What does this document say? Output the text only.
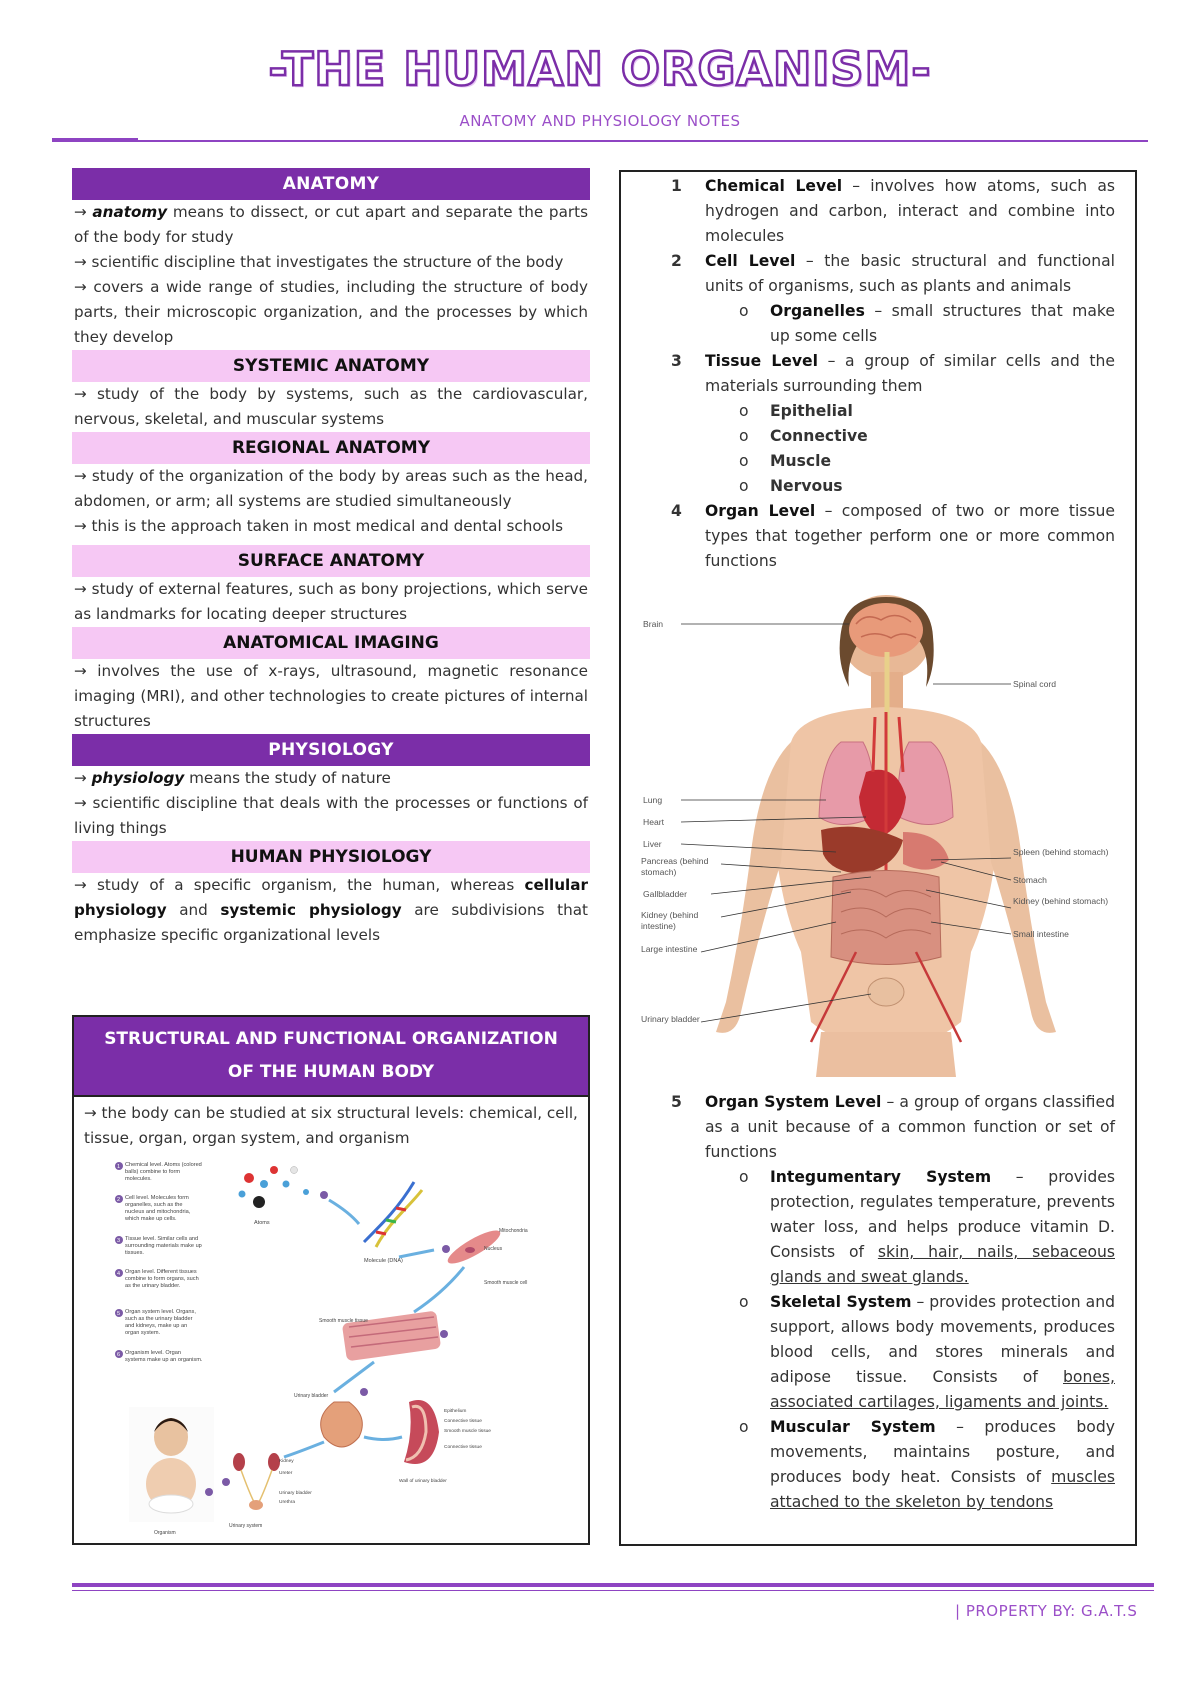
-THE HUMAN ORGANISM-
ANATOMY AND PHYSIOLOGY NOTES
ANATOMY
→ anatomy means to dissect, or cut apart and separate the parts of the body for study
→ scientific discipline that investigates the structure of the body
→ covers a wide range of studies, including the structure of body parts, their microscopic organization, and the processes by which they develop
SYSTEMIC ANATOMY
→ study of the body by systems, such as the cardiovascular, nervous, skeletal, and muscular systems
REGIONAL ANATOMY
→ study of the organization of the body by areas such as the head, abdomen, or arm; all systems are studied simultaneously
→ this is the approach taken in most medical and dental schools
SURFACE ANATOMY
→ study of external features, such as bony projections, which serve as landmarks for locating deeper structures
ANATOMICAL IMAGING
→ involves the use of x-rays, ultrasound, magnetic resonance imaging (MRI), and other technologies to create pictures of internal structures
PHYSIOLOGY
→ physiology means the study of nature
→ scientific discipline that deals with the processes or functions of living things
HUMAN PHYSIOLOGY
→ study of a specific organism, the human, whereas cellular physiology and systemic physiology are subdivisions that emphasize specific organizational levels
STRUCTURAL AND FUNCTIONAL ORGANIZATION
OF THE HUMAN BODY
→ the body can be studied at six structural levels: chemical, cell, tissue, organ, organ system, and organism
1 Chemical level. Atoms (colored balls) combine to form molecules.
2 Cell level. Molecules form organelles, such as the nucleus and mitochondria, which make up cells.
3 Tissue level. Similar cells and surrounding materials make up tissues.
4 Organ level. Different tissues combine to form organs, such as the urinary bladder.
5 Organ system level. Organs, such as the urinary bladder and kidneys, make up an organ system.
6 Organism level. Organ systems make up an organism.
Atoms
Molecule (DNA)
Mitochondria
Nucleus
Smooth muscle cell
Smooth muscle tissue
Urinary bladder
Epithelium
Connective tissue
Smooth muscle tissue
Connective tissue
Wall of urinary bladder
Kidney
Ureter
Urinary bladder
Urethra
Urinary system
Organism
1 Chemical Level – involves how atoms, such as hydrogen and carbon, interact and combine into molecules
2 Cell Level – the basic structural and functional units of organisms, such as plants and animals
o Organelles – small structures that make up some cells
3 Tissue Level – a group of similar cells and the materials surrounding them
o Epithelial
o Connective
o Muscle
o Nervous
4 Organ Level – composed of two or more tissue types that together perform one or more common functions
Brain
Spinal cord
Lung
Heart
Liver
Pancreas (behind stomach)
Gallbladder
Kidney (behind intestine)
Large intestine
Urinary bladder
Spleen (behind stomach)
Stomach
Kidney (behind stomach)
Small intestine
5 Organ System Level – a group of organs classified as a unit because of a common function or set of functions
o Integumentary System – provides protection, regulates temperature, prevents water loss, and helps produce vitamin D. Consists of skin, hair, nails, sebaceous glands and sweat glands.
o Skeletal System – provides protection and support, allows body movements, produces blood cells, and stores minerals and adipose tissue. Consists of bones, associated cartilages, ligaments and joints.
o Muscular System – produces body movements, maintains posture, and produces body heat. Consists of muscles attached to the skeleton by tendons
| PROPERTY BY: G.A.T.S
